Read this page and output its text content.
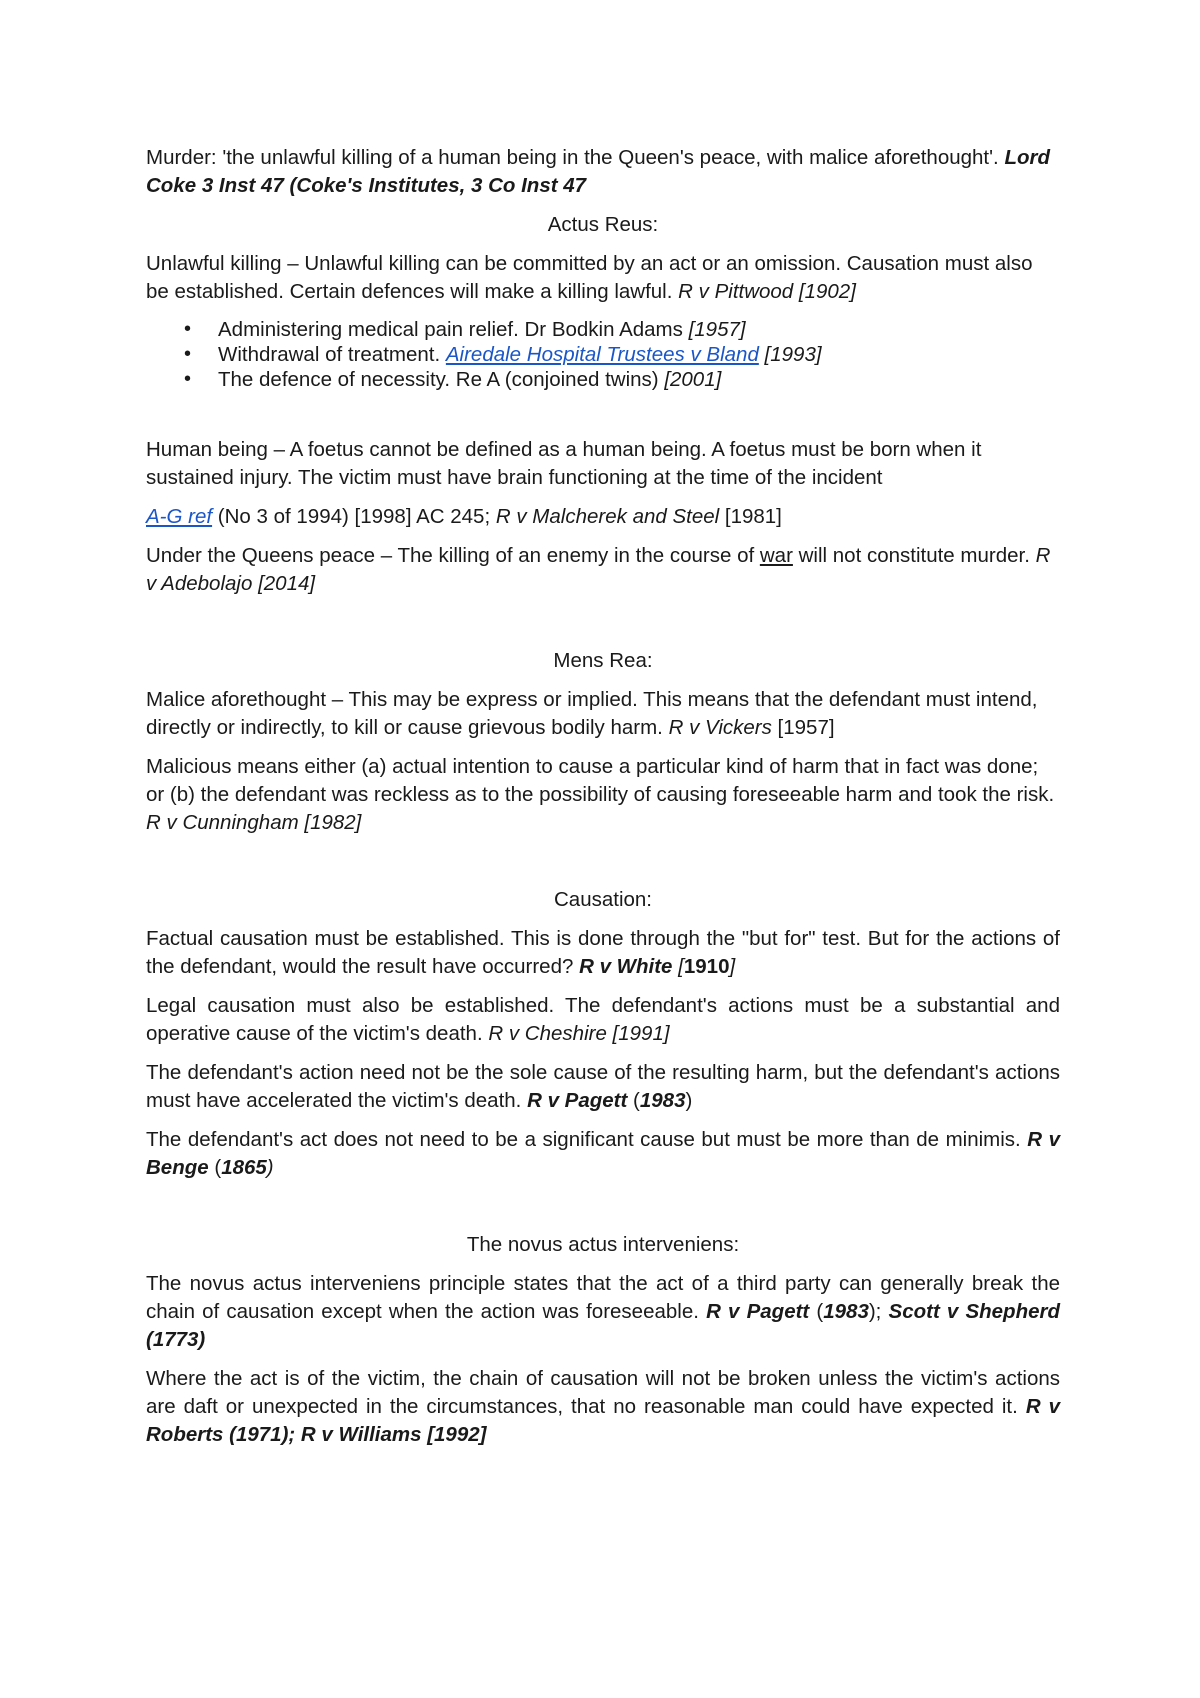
Murder: 'the unlawful killing of a human being in the Queen's peace, with malice aforethought'. Lord Coke 3 Inst 47 (Coke's Institutes, 3 Co Inst 47

Actus Reus:

Unlawful killing – Unlawful killing can be committed by an act or an omission. Causation must also be established. Certain defences will make a killing lawful. R v Pittwood [1902]

• Administering medical pain relief. Dr Bodkin Adams [1957]
• Withdrawal of treatment. Airedale Hospital Trustees v Bland [1993]
• The defence of necessity. Re A (conjoined twins) [2001]

Human being – A foetus cannot be defined as a human being. A foetus must be born when it sustained injury. The victim must have brain functioning at the time of the incident

A-G ref (No 3 of 1994) [1998] AC 245; R v Malcherek and Steel [1981]

Under the Queens peace – The killing of an enemy in the course of war will not constitute murder. R v Adebolajo [2014]

Mens Rea:

Malice aforethought – This may be express or implied. This means that the defendant must intend, directly or indirectly, to kill or cause grievous bodily harm. R v Vickers [1957]

Malicious means either (a) actual intention to cause a particular kind of harm that in fact was done; or (b) the defendant was reckless as to the possibility of causing foreseeable harm and took the risk. R v Cunningham [1982]

Causation:

Factual causation must be established. This is done through the "but for" test. But for the actions of the defendant, would the result have occurred? R v White [1910]

Legal causation must also be established. The defendant's actions must be a substantial and operative cause of the victim's death. R v Cheshire [1991]

The defendant's action need not be the sole cause of the resulting harm, but the defendant's actions must have accelerated the victim's death. R v Pagett (1983)

The defendant's act does not need to be a significant cause but must be more than de minimis. R v Benge (1865)

The novus actus interveniens:

The novus actus interveniens principle states that the act of a third party can generally break the chain of causation except when the action was foreseeable. R v Pagett (1983); Scott v Shepherd (1773)

Where the act is of the victim, the chain of causation will not be broken unless the victim's actions are daft or unexpected in the circumstances, that no reasonable man could have expected it. R v Roberts (1971); R v Williams [1992]
